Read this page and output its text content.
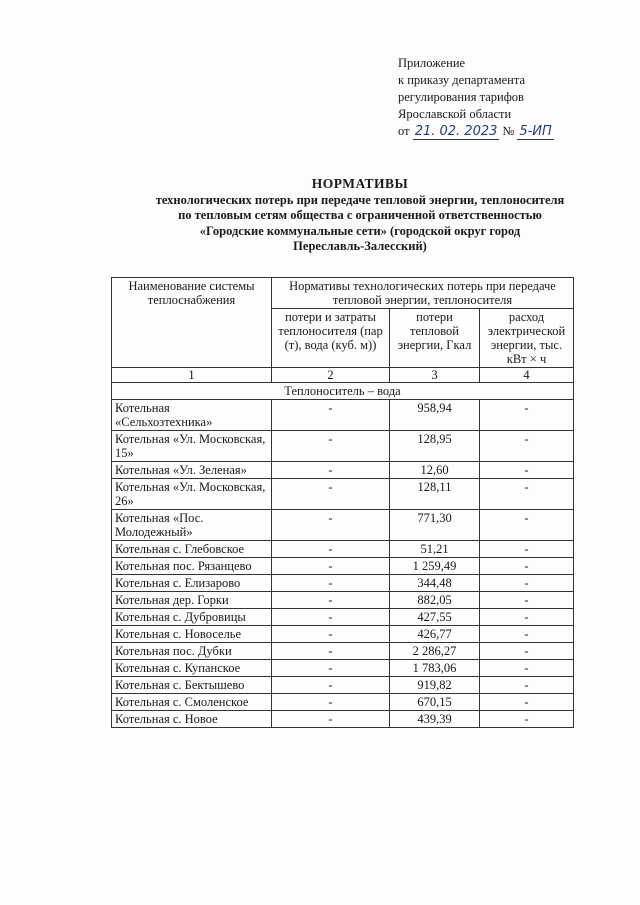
Приложение
к приказу департамента
регулирования тарифов
Ярославской области
от 21. 02. 2023 № 5-ИП
НОРМАТИВЫ
технологических потерь при передаче тепловой энергии, теплоносителя
по тепловым сетям общества с ограниченной ответственностью
«Городские коммунальные сети» (городской округ город
Переславль-Залесский)
Наименование системы теплоснабжения	Нормативы технологических потерь при передаче тепловой энергии, теплоносителя		
	потери и затраты теплоносителя (пар (т), вода (куб. м))	потери тепловой энергии, Гкал	расход электрической энергии, тыс. кВт × ч
1	2	3	4
Теплоноситель – вода			
Котельная «Сельхозтехника»	-	958,94	-
Котельная «Ул. Московская, 15»	-	128,95	-
Котельная «Ул. Зеленая»	-	12,60	-
Котельная «Ул. Московская, 26»	-	128,11	-
Котельная «Пос. Молодежный»	-	771,30	-
Котельная с. Глебовское	-	51,21	-
Котельная пос. Рязанцево	-	1 259,49	-
Котельная с. Елизарово	-	344,48	-
Котельная дер. Горки	-	882,05	-
Котельная с. Дубровицы	-	427,55	-
Котельная с. Новоселье	-	426,77	-
Котельная пос. Дубки	-	2 286,27	-
Котельная с. Купанское	-	1 783,06	-
Котельная с. Бектышево	-	919,82	-
Котельная с. Смоленское	-	670,15	-
Котельная с. Новое	-	439,39	-
